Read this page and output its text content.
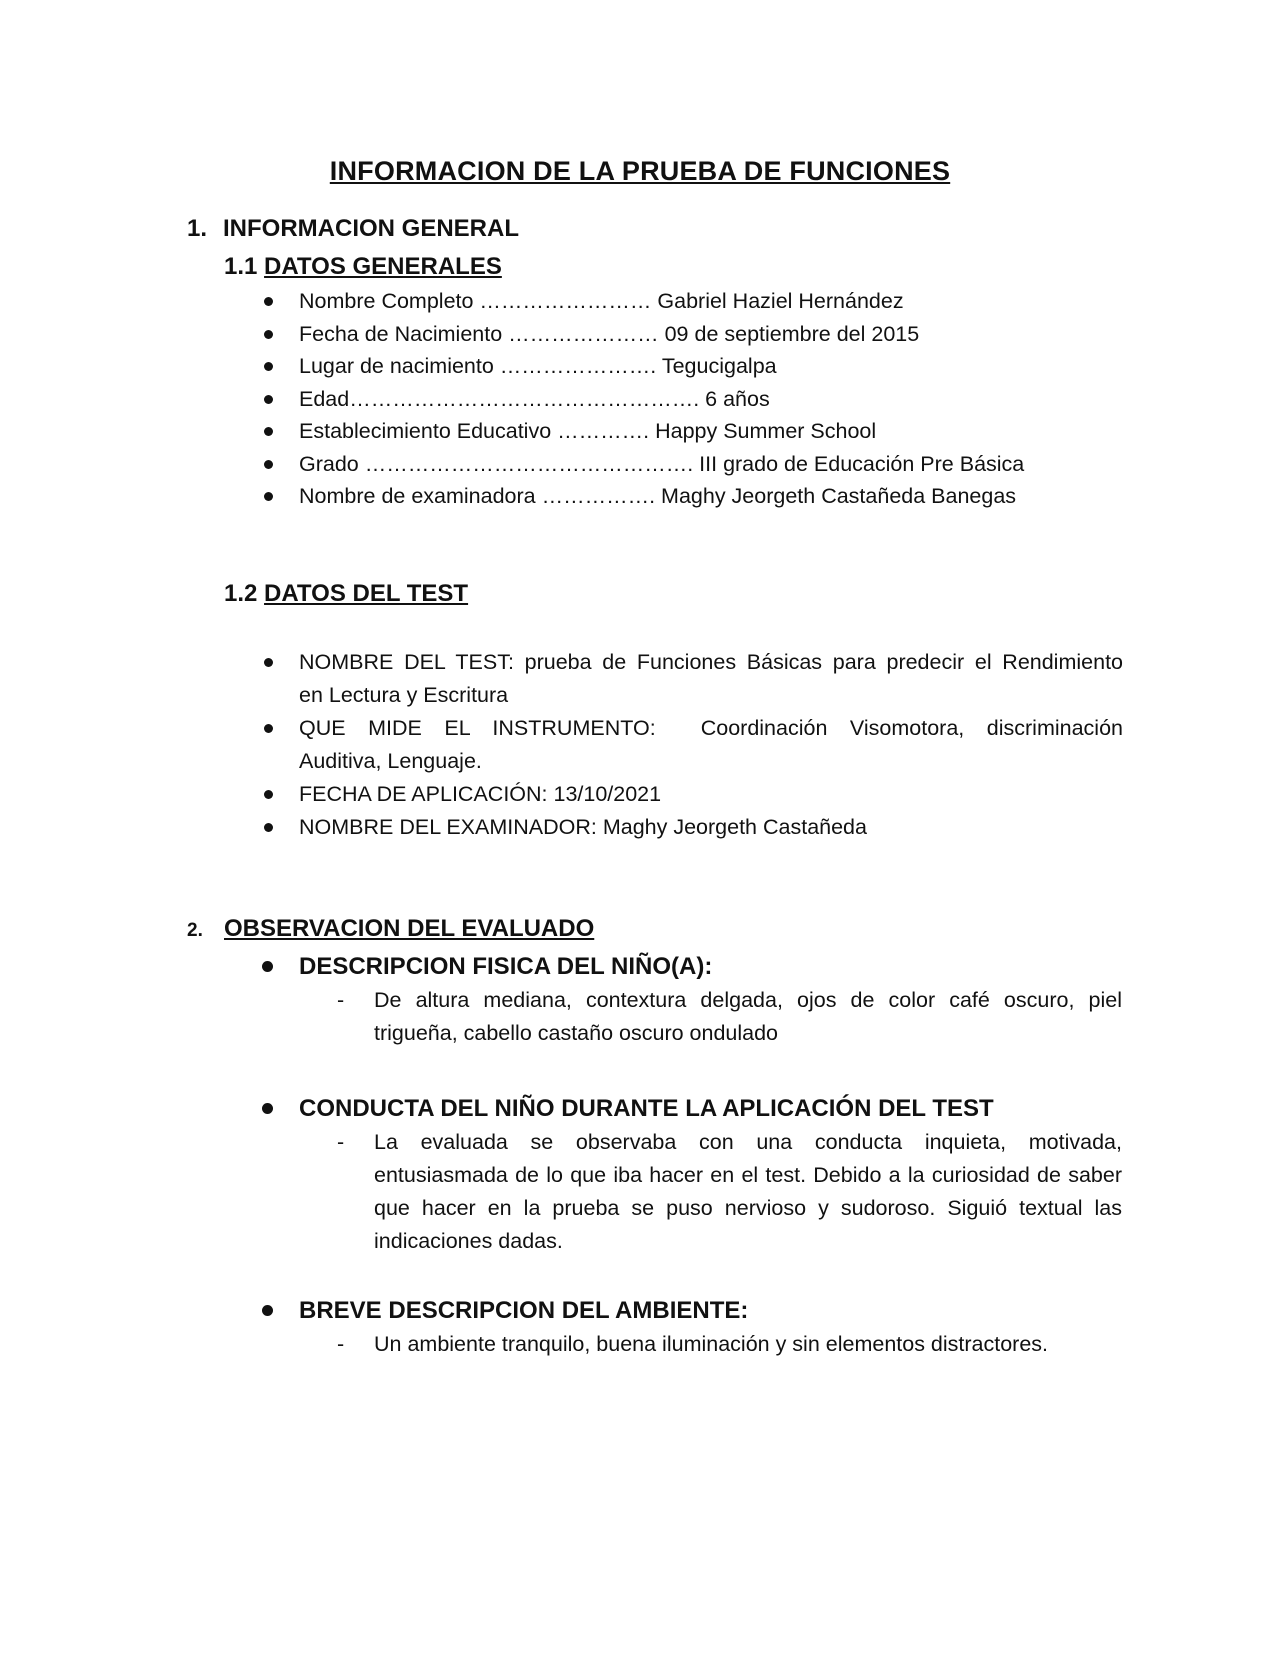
INFORMACION DE LA PRUEBA DE FUNCIONES
1. INFORMACION GENERAL
1.1 DATOS GENERALES
Nombre Completo …………………… Gabriel Haziel Hernández
Fecha de Nacimiento ………………… 09 de septiembre del 2015
Lugar de nacimiento …………………. Tegucigalpa
Edad…………………………………………. 6 años
Establecimiento Educativo …………. Happy Summer School
Grado ………………………………………. III grado de Educación Pre Básica
Nombre de examinadora ……………. Maghy Jeorgeth Castañeda Banegas
1.2 DATOS DEL TEST
NOMBRE DEL TEST: prueba de Funciones Básicas para predecir el Rendimiento
en Lectura y Escritura
QUE MIDE EL INSTRUMENTO:  Coordinación Visomotora, discriminación
Auditiva, Lenguaje.
FECHA DE APLICACIÓN: 13/10/2021
NOMBRE DEL EXAMINADOR: Maghy Jeorgeth Castañeda
2. OBSERVACION DEL EVALUADO
DESCRIPCION FISICA DEL NIÑO(A):
- De altura mediana, contextura delgada, ojos de color café oscuro, piel trigueña, cabello castaño oscuro ondulado

CONDUCTA DEL NIÑO DURANTE LA APLICACIÓN DEL TEST
- La evaluada se observaba con una conducta inquieta, motivada, entusiasmada de lo que iba hacer en el test. Debido a la curiosidad de saber que hacer en la prueba se puso nervioso y sudoroso. Siguió textual las indicaciones dadas.

BREVE DESCRIPCION DEL AMBIENTE:
- Un ambiente tranquilo, buena iluminación y sin elementos distractores.
